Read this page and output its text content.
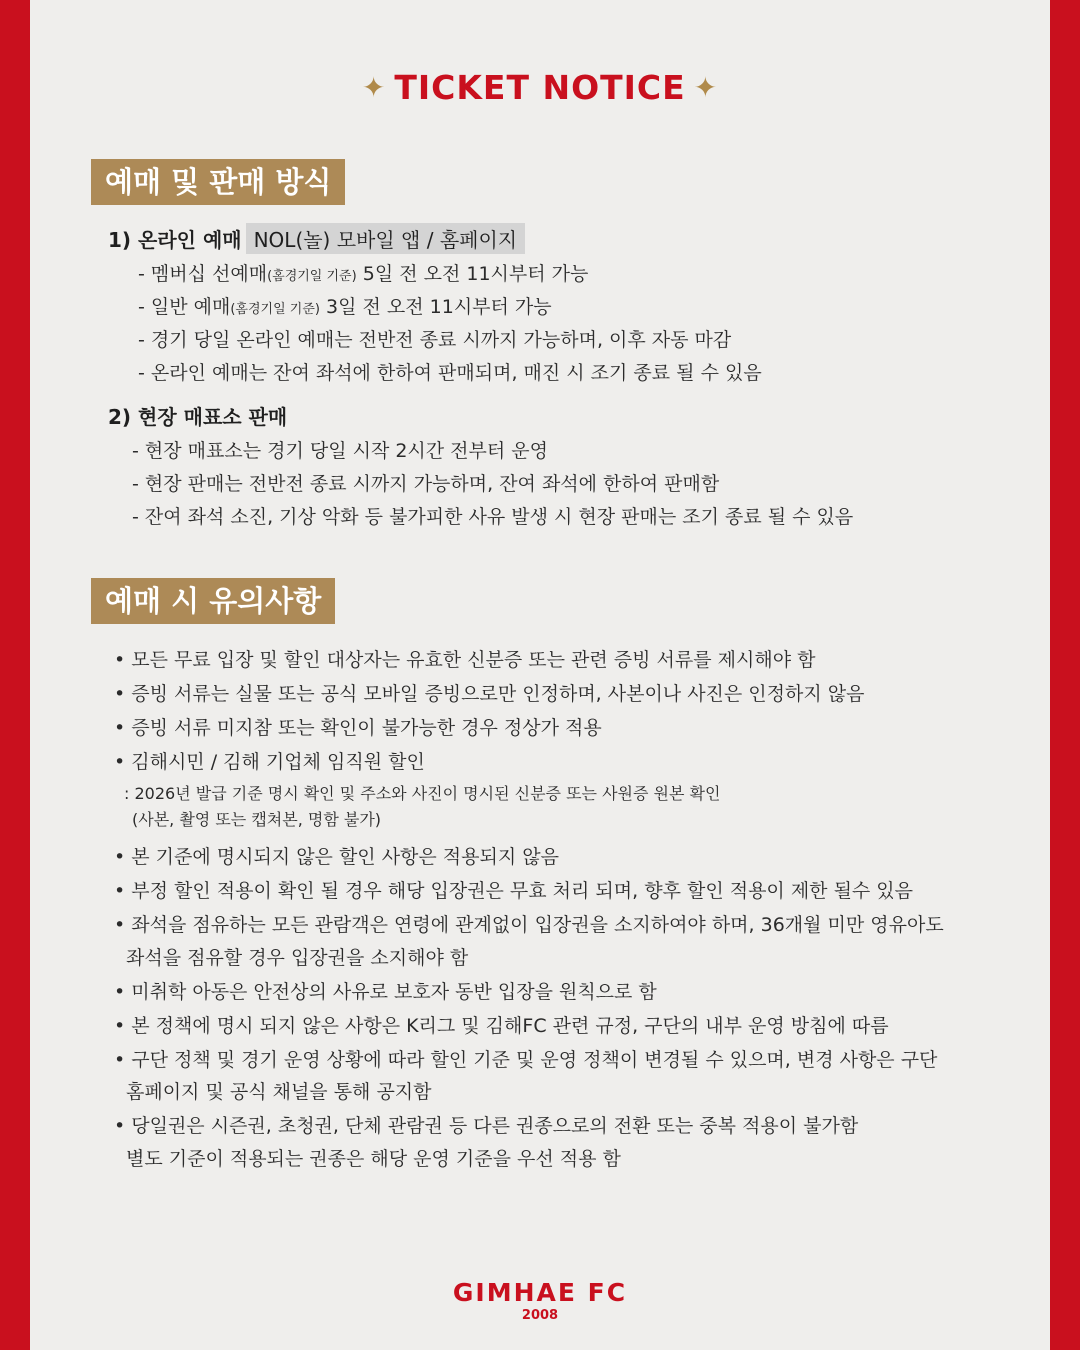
✦ TICKET NOTICE ✦
예매 및 판매 방식
1) 온라인 예매 NOL(놀) 모바일 앱 / 홈페이지
- 멤버십 선예매(홈경기일 기준) 5일 전 오전 11시부터 가능
- 일반 예매(홈경기일 기준) 3일 전 오전 11시부터 가능
- 경기 당일 온라인 예매는 전반전 종료 시까지 가능하며, 이후 자동 마감
- 온라인 예매는 잔여 좌석에 한하여 판매되며, 매진 시 조기 종료 될 수 있음
2) 현장 매표소 판매
- 현장 매표소는 경기 당일 시작 2시간 전부터 운영
- 현장 판매는 전반전 종료 시까지 가능하며, 잔여 좌석에 한하여 판매함
- 잔여 좌석 소진, 기상 악화 등 불가피한 사유 발생 시 현장 판매는 조기 종료 될 수 있음
예매 시 유의사항
• 모든 무료 입장 및 할인 대상자는 유효한 신분증 또는 관련 증빙 서류를 제시해야 함
• 증빙 서류는 실물 또는 공식 모바일 증빙으로만 인정하며, 사본이나 사진은 인정하지 않음
• 증빙 서류 미지참 또는 확인이 불가능한 경우 정상가 적용
• 김해시민 / 김해 기업체 임직원 할인
: 2026년 발급 기준 명시 확인 및 주소와 사진이 명시된 신분증 또는 사원증 원본 확인
(사본, 촬영 또는 캡쳐본, 명함 불가)
• 본 기준에 명시되지 않은 할인 사항은 적용되지 않음
• 부정 할인 적용이 확인 될 경우 해당 입장권은 무효 처리 되며, 향후 할인 적용이 제한 될수 있음
• 좌석을 점유하는 모든 관람객은 연령에 관계없이 입장권을 소지하여야 하며, 36개월 미만 영유아도
좌석을 점유할 경우 입장권을 소지해야 함
• 미취학 아동은 안전상의 사유로 보호자 동반 입장을 원칙으로 함
• 본 정책에 명시 되지 않은 사항은 K리그 및 김해FC 관련 규정, 구단의 내부 운영 방침에 따름
• 구단 정책 및 경기 운영 상황에 따라 할인 기준 및 운영 정책이 변경될 수 있으며, 변경 사항은 구단
홈페이지 및 공식 채널을 통해 공지함
• 당일권은 시즌권, 초청권, 단체 관람권 등 다른 권종으로의 전환 또는 중복 적용이 불가함
별도 기준이 적용되는 권종은 해당 운영 기준을 우선 적용 함
GIMHAE FC
2008
